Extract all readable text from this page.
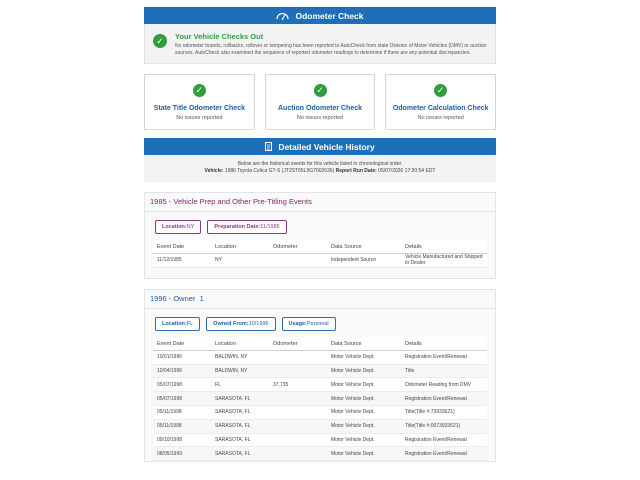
Odometer Check
✓	Your Vehicle Checks Out
No odometer brands, rollbacks, rollover or tampering has been reported to AutoCheck from state Division of Motor Vehicles (DMV) or auction sources. AutoCheck also examined the sequence of reported odometer readings to determine if there are any potential discrepancies.
✓
State Title Odometer Check
No issues reported
✓
Auction Odometer Check
No issues reported
✓
Odometer Calculation Check
No issues reported
Detailed Vehicle History
Below are the historical events for this vehicle listed in chronological order.
Vehicle: 1986 Toyota Celica GT-S (JT2ST65L9G7002636) Report Run Date: 05/07/2026 17:30:54 EDT
1985 - Vehicle Prep and Other Pre-Titling Events
Location:NY	Preparation Date:11/1985
Event Date	Location	Odometer	Data Source	Details
11/12/1985	NY		Independent Source	Vehicle Manufactured and Shipped to Dealer
1996 - Owner  1
Location:FL	Owned From:10/1996	Usage:Personal
Event Date	Location	Odometer	Data Source	Details
10/01/1996	BALDWIN, NY		Motor Vehicle Dept.	Registration Event/Renewal
10/04/1996	BALDWIN, NY		Motor Vehicle Dept.	Title
05/07/1998	FL	37,735	Motor Vehicle Dept.	Odometer Reading from DMV
05/07/1998	SARASOTA, FL		Motor Vehicle Dept.	Registration Event/Renewal
05/11/1998	SARASOTA, FL		Motor Vehicle Dept.	Title(Title #:73933621)
05/11/1998	SARASOTA, FL		Motor Vehicle Dept.	Title(Title #:0073933621)
09/10/1998	SARASOTA, FL		Motor Vehicle Dept.	Registration Event/Renewal
08/05/1999	SARASOTA, FL		Motor Vehicle Dept.	Registration Event/Renewal
